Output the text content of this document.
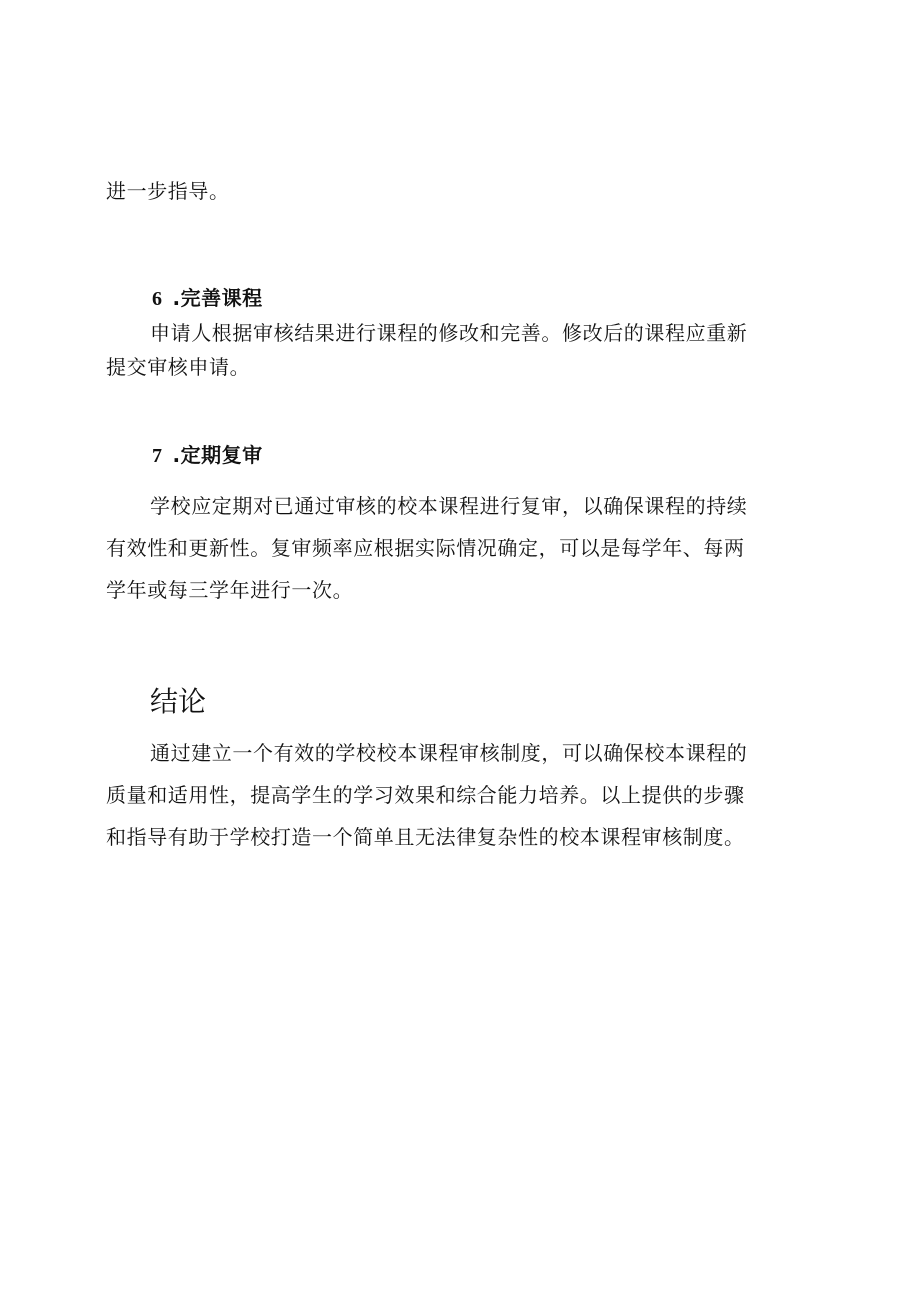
进一步指导。

6 .完善课程

申请人根据审核结果进行课程的修改和完善。修改后的课程应重新

提交审核申请。

7 .定期复审

学校应定期对已通过审核的校本课程进行复审，以确保课程的持续

有效性和更新性。复审频率应根据实际情况确定，可以是每学年、每两

学年或每三学年进行一次。

结论

通过建立一个有效的学校校本课程审核制度，可以确保校本课程的

质量和适用性，提高学生的学习效果和综合能力培养。以上提供的步骤

和指导有助于学校打造一个简单且无法律复杂性的校本课程审核制度。
